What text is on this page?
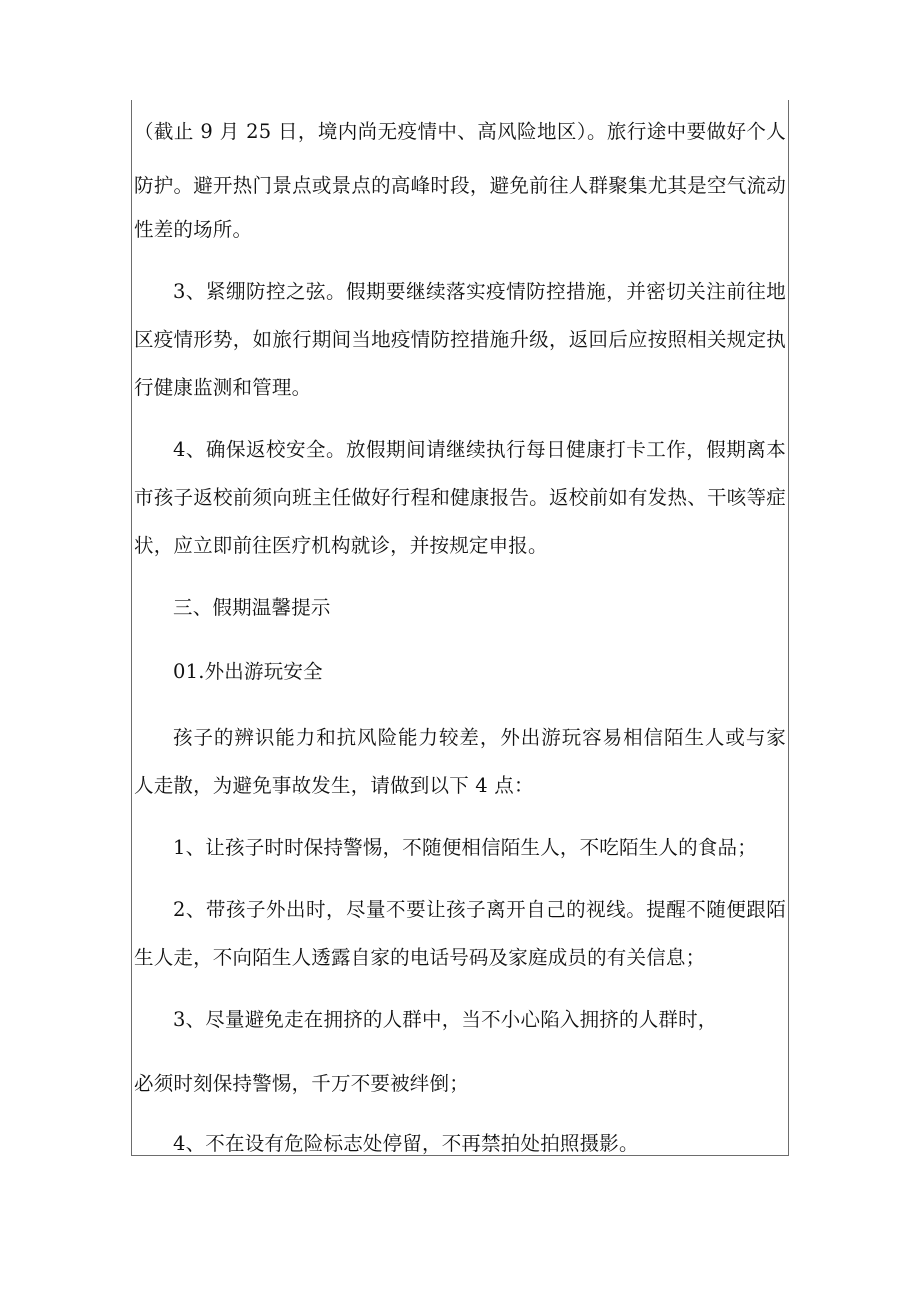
（截止 9 月 25 日，境内尚无疫情中、高风险地区）。旅行途中要做好个人
防护。避开热门景点或景点的高峰时段，避免前往人群聚集尤其是空气流动
性差的场所。
3、紧绷防控之弦。假期要继续落实疫情防控措施，并密切关注前往地
区疫情形势，如旅行期间当地疫情防控措施升级，返回后应按照相关规定执
行健康监测和管理。
4、确保返校安全。放假期间请继续执行每日健康打卡工作，假期离本
市孩子返校前须向班主任做好行程和健康报告。返校前如有发热、干咳等症
状，应立即前往医疗机构就诊，并按规定申报。
三、假期温馨提示
01.外出游玩安全
孩子的辨识能力和抗风险能力较差，外出游玩容易相信陌生人或与家
人走散，为避免事故发生，请做到以下 4 点：
1、让孩子时时保持警惕，不随便相信陌生人，不吃陌生人的食品；
2、带孩子外出时，尽量不要让孩子离开自己的视线。提醒不随便跟陌
生人走，不向陌生人透露自家的电话号码及家庭成员的有关信息；
3、尽量避免走在拥挤的人群中，当不小心陷入拥挤的人群时，
必须时刻保持警惕，千万不要被绊倒；
4、不在设有危险标志处停留，不再禁拍处拍照摄影。
